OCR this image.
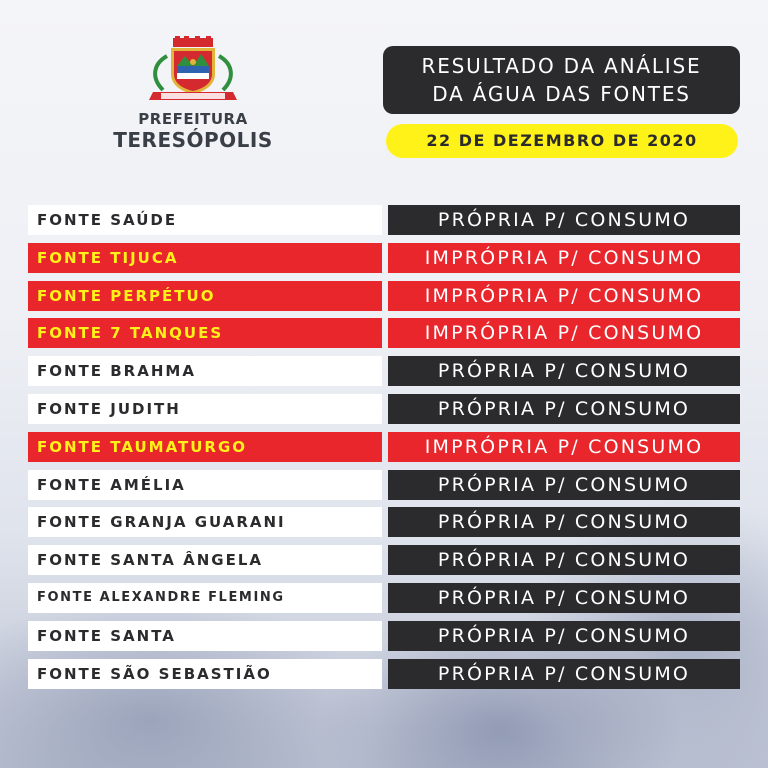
PREFEITURA
TERESÓPOLIS
RESULTADO DA ANÁLISE
DA ÁGUA DAS FONTES
22 DE DEZEMBRO DE 2020
FONTE SAÚDE	PRÓPRIA P/ CONSUMO
FONTE TIJUCA	IMPRÓPRIA P/ CONSUMO
FONTE PERPÉTUO	IMPRÓPRIA P/ CONSUMO
FONTE 7 TANQUES	IMPRÓPRIA P/ CONSUMO
FONTE BRAHMA	PRÓPRIA P/ CONSUMO
FONTE JUDITH	PRÓPRIA P/ CONSUMO
FONTE TAUMATURGO	IMPRÓPRIA P/ CONSUMO
FONTE AMÉLIA	PRÓPRIA P/ CONSUMO
FONTE GRANJA GUARANI	PRÓPRIA P/ CONSUMO
FONTE SANTA ÂNGELA	PRÓPRIA P/ CONSUMO
FONTE ALEXANDRE FLEMING	PRÓPRIA P/ CONSUMO
FONTE SANTA	PRÓPRIA P/ CONSUMO
FONTE SÃO SEBASTIÃO	PRÓPRIA P/ CONSUMO
